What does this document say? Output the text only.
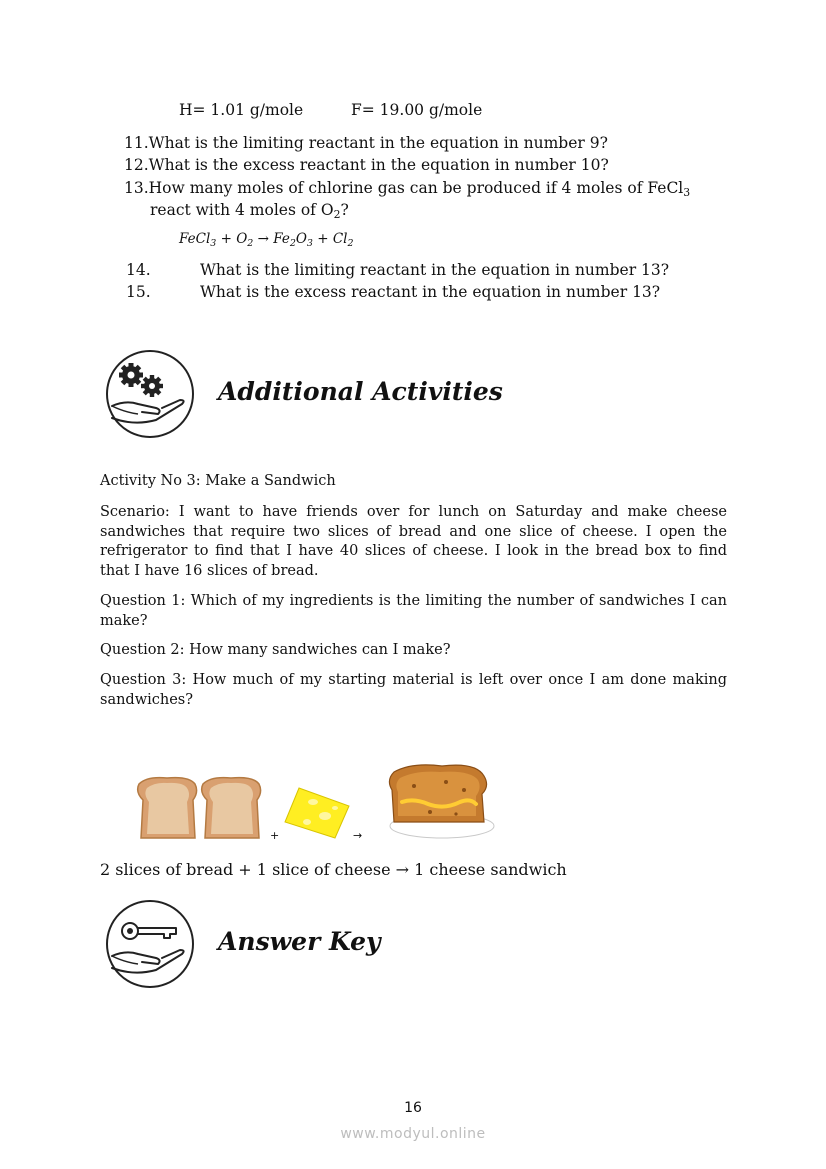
H= 1.01 g/mole	F= 19.00 g/mole
11.What is the limiting reactant in the equation in number 9?
12.What is the excess reactant in the equation in number 10?
13.How many moles of chlorine gas can be produced if 4 moles of FeCl$_3$
react with 4 moles of $O_2$?
FeCl$_3$ + $O_2 \to Fe_2O_3 + Cl_2$
14.	What is the limiting reactant in the equation in number 13?
15.	What is the excess reactant in the equation in number 13?
Additional Activities
Activity No 3: Make a Sandwich
Scenario: I want to have friends over for lunch on Saturday and make cheese sandwiches that require two slices of bread and one slice of cheese. I open the refrigerator to find that I have 40 slices of cheese. I look in the bread box to find that I have 16 slices of bread.
Question 1: Which of my ingredients is the limiting the number of sandwiches I can make?
Question 2: How many sandwiches can I make?
Question 3: How much of my starting material is left over once I am done making sandwiches?
+	→
2 slices of bread + 1 slice of cheese → 1 cheese sandwich
Answer Key
16
www.modyul.online
